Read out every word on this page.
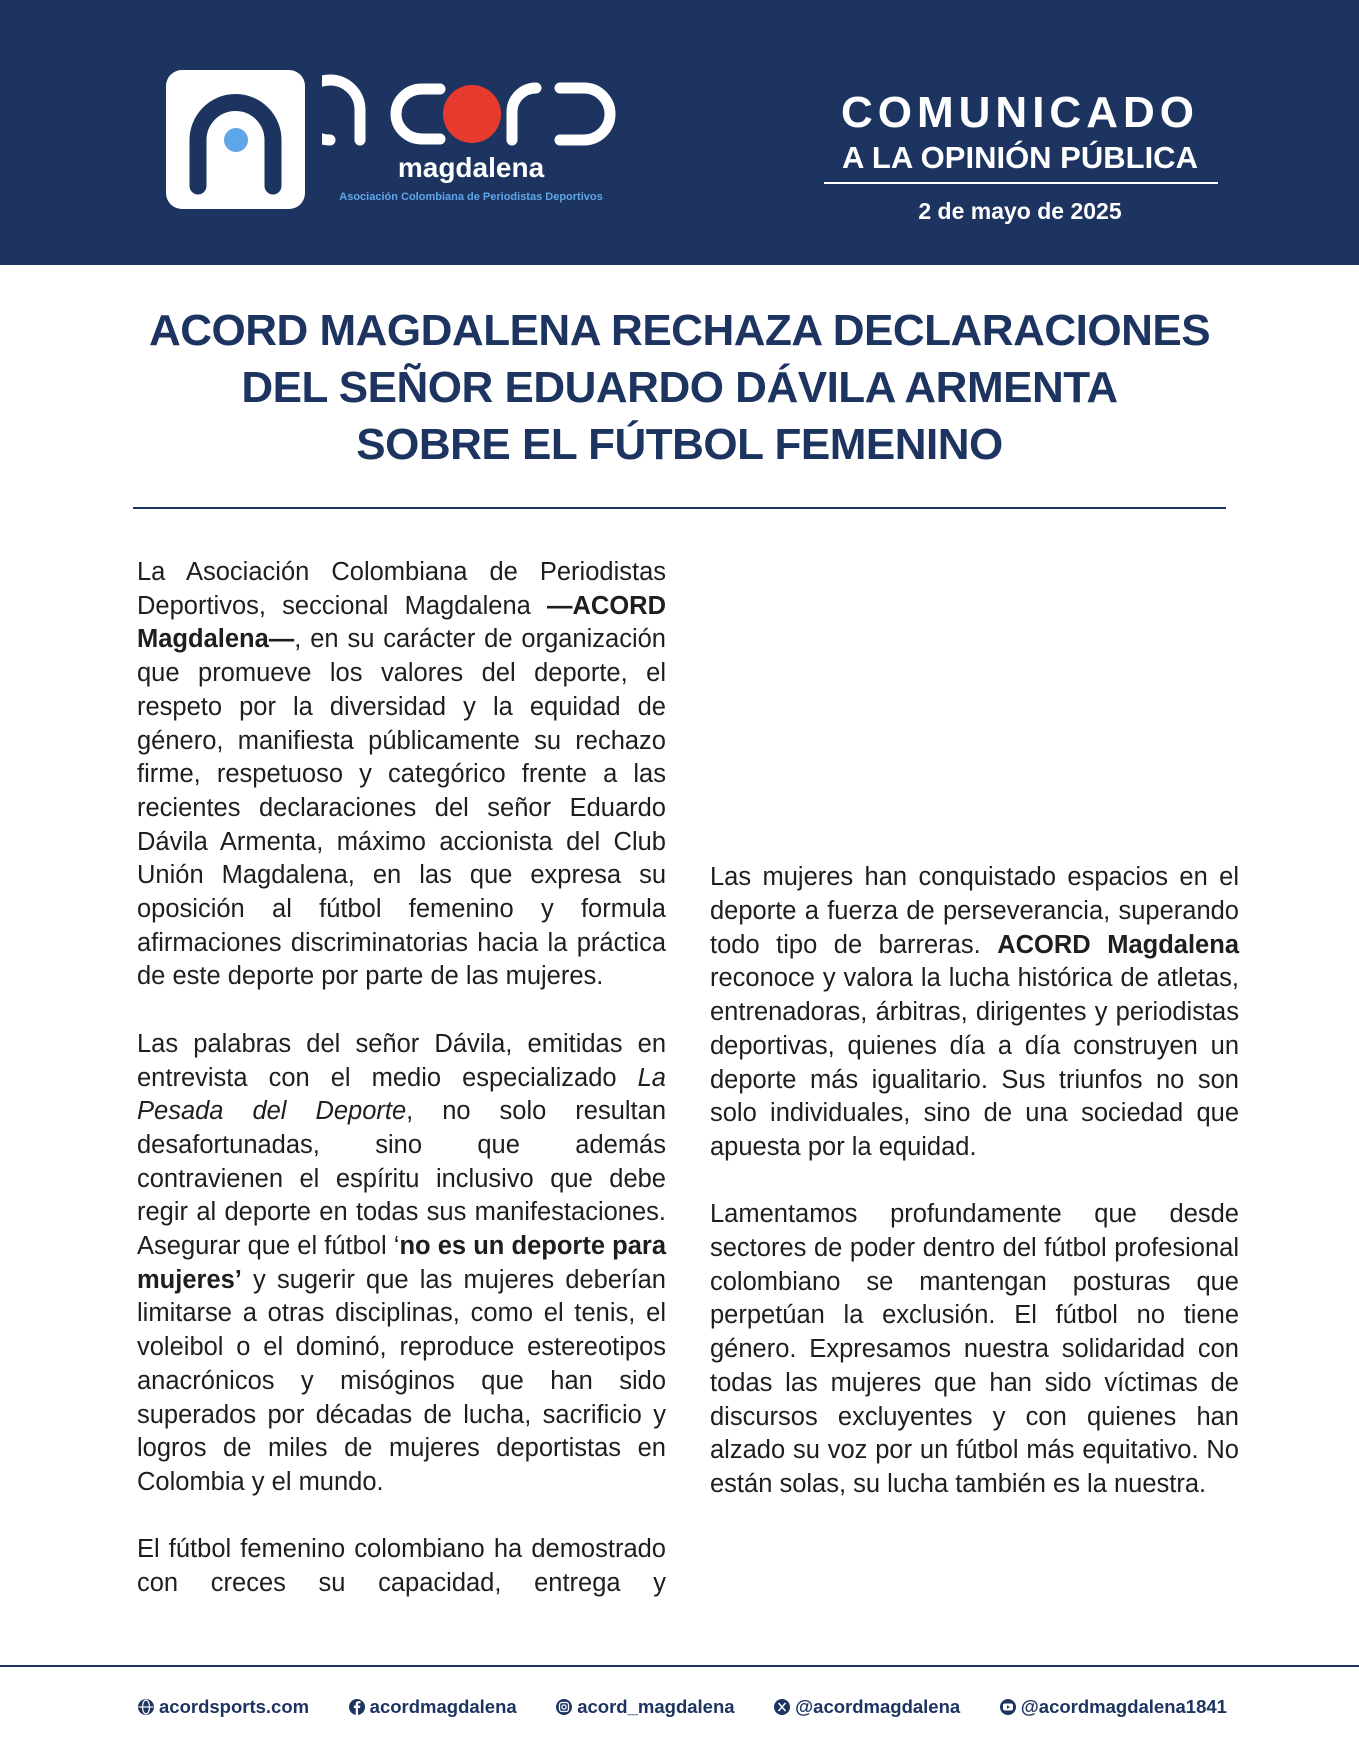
magdalena
Asociación Colombiana de Periodistas Deportivos
COMUNICADO
A LA OPINIÓN PÚBLICA
2 de mayo de 2025
ACORD MAGDALENA RECHAZA DECLARACIONES
DEL SEÑOR EDUARDO DÁVILA ARMENTA
SOBRE EL FÚTBOL FEMENINO

La Asociación Colombiana de Periodistas Deportivos, seccional Magdalena —ACORD Magdalena—, en su carácter de organización que promueve los valores del deporte, el respeto por la diversidad y la equidad de género, manifiesta públicamente su rechazo firme, respetuoso y categórico frente a las recientes declaraciones del señor Eduardo Dávila Armenta, máximo accionista del Club Unión Magdalena, en las que expresa su oposición al fútbol femenino y formula afirmaciones discriminatorias hacia la práctica de este deporte por parte de las mujeres.

Las palabras del señor Dávila, emitidas en entrevista con el medio especializado La Pesada del Deporte, no solo resultan desafortunadas, sino que además contravienen el espíritu inclusivo que debe regir al deporte en todas sus manifestaciones. Asegurar que el fútbol ‘no es un deporte para mujeres’ y sugerir que las mujeres deberían limitarse a otras disciplinas, como el tenis, el voleibol o el dominó, reproduce estereotipos anacrónicos y misóginos que han sido superados por décadas de lucha, sacrificio y logros de miles de mujeres deportistas en Colombia y el mundo.

El fútbol femenino colombiano ha demostrado con creces su capacidad, entrega y

Las mujeres han conquistado espacios en el deporte a fuerza de perseverancia, superando todo tipo de barreras. ACORD Magdalena reconoce y valora la lucha histórica de atletas, entrenadoras, árbitras, dirigentes y periodistas deportivas, quienes día a día construyen un deporte más igualitario. Sus triunfos no son solo individuales, sino de una sociedad que apuesta por la equidad.

Lamentamos profundamente que desde sectores de poder dentro del fútbol profesional colombiano se mantengan posturas que perpetúan la exclusión. El fútbol no tiene género. Expresamos nuestra solidaridad con todas las mujeres que han sido víctimas de discursos excluyentes y con quienes han alzado su voz por un fútbol más equitativo. No están solas, su lucha también es la nuestra.

acordsports.com	acordmagdalena	acord_magdalena	@acordmagdalena	@acordmagdalena1841
